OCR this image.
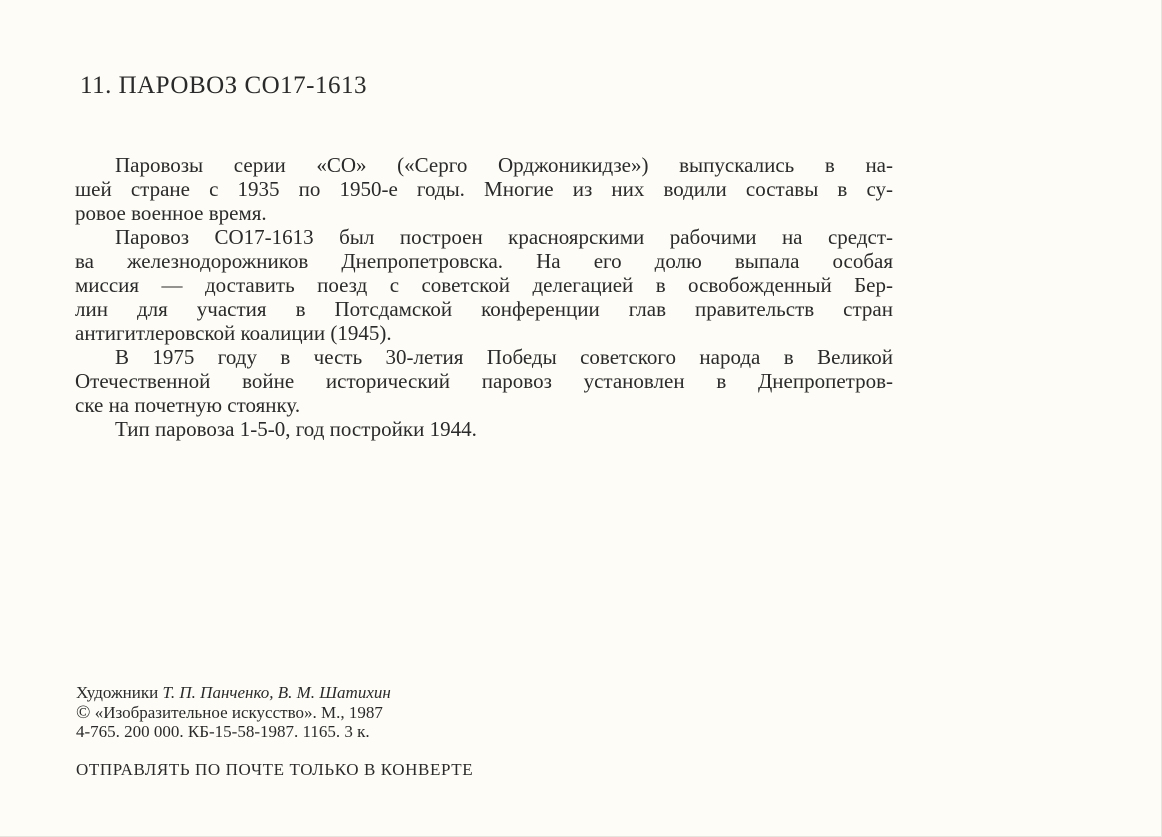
11. ПАРОВОЗ СО17-1613

Паровозы серии «СО» («Серго Орджоникидзе») выпускались в на-
шей стране с 1935 по 1950-е годы. Многие из них водили составы в су-
ровое военное время.

Паровоз СО17-1613 был построен красноярскими рабочими на средст-
ва железнодорожников Днепропетровска. На его долю выпала особая
миссия — доставить поезд с советской делегацией в освобожденный Бер-
лин для участия в Потсдамской конференции глав правительств стран
антигитлеровской коалиции (1945).

В 1975 году в честь 30-летия Победы советского народа в Великой
Отечественной войне исторический паровоз установлен в Днепропетров-
ске на почетную стоянку.

Тип паровоза 1-5-0, год постройки 1944.

Художники Т. П. Панченко, В. М. Шатихин
© «Изобразительное искусство». М., 1987
4-765. 200 000. КБ-15-58-1987. 1165. 3 к.
ОТПРАВЛЯТЬ ПО ПОЧТЕ ТОЛЬКО В КОНВЕРТЕ
